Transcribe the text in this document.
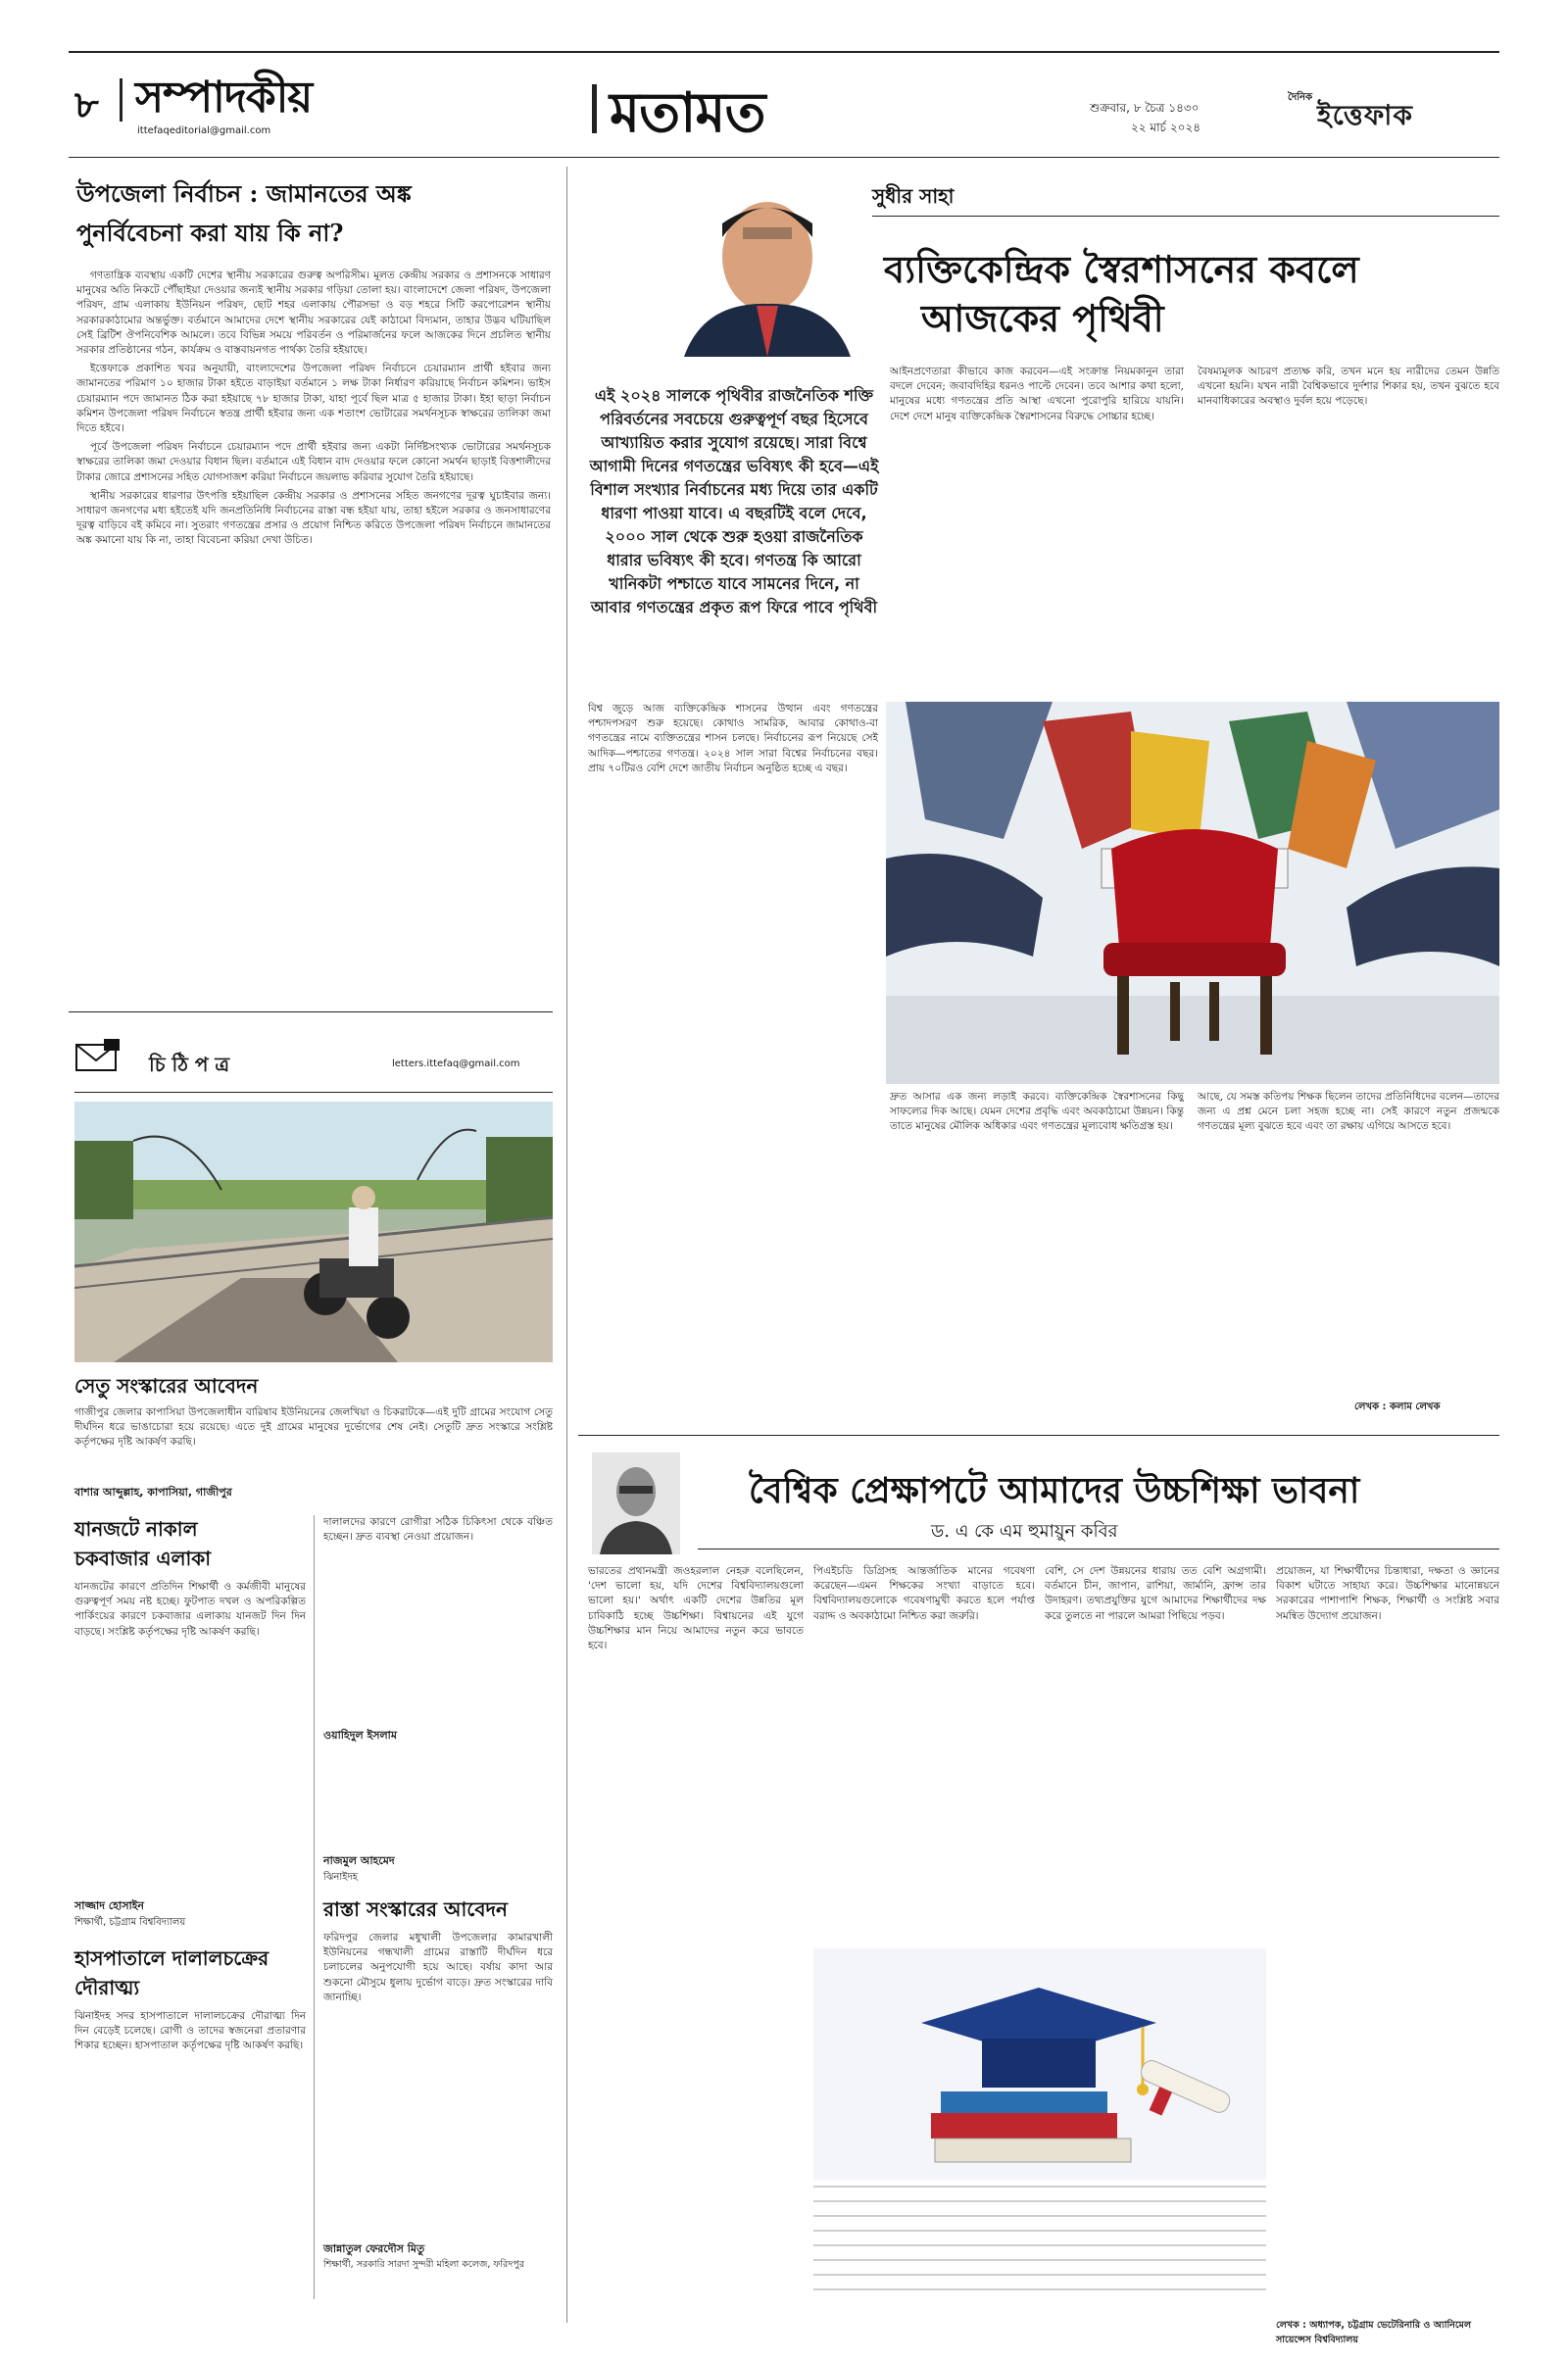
৮ সম্পাদকীয়
ittefaqeditorial@gmail.com	মতামত	শুক্রবার, ৮ চৈত্র ১৪৩০
২২ মার্চ ২০২৪
দৈনিক
ইত্তেফাক
উপজেলা নির্বাচন : জামানতের অঙ্ক
পুনর্বিবেচনা করা যায় কি না?

গণতান্ত্রিক ব্যবস্থায় একটি দেশের স্থানীয় সরকারের গুরুত্ব অপরিসীম। মূলত কেন্দ্রীয় সরকার ও প্রশাসনকে সাধারণ মানুষের অতি নিকটে পৌঁছাইয়া দেওয়ার জন্যই স্থানীয় সরকার গড়িয়া তোলা হয়। বাংলাদেশে জেলা পরিষদ, উপজেলা পরিষদ, গ্রাম এলাকায় ইউনিয়ন পরিষদ, ছোট শহর এলাকায় পৌরসভা ও বড় শহরে সিটি করপোরেশন স্থানীয় সরকারকাঠামোর অন্তর্ভুক্ত। বর্তমানে আমাদের দেশে স্থানীয় সরকারের যেই কাঠামো বিদ্যমান, তাহার উদ্ভব ঘটিয়াছিল সেই ব্রিটিশ ঔপনিবেশিক আমলে। তবে বিভিন্ন সময়ে পরিবর্তন ও পরিমার্জনের ফলে আজকের দিনে প্রচলিত স্থানীয় সরকার প্রতিষ্ঠানের গঠন, কার্যক্রম ও বাস্তবায়নগত পার্থক্য তৈরি হইয়াছে।

ইত্তেফাকে প্রকাশিত খবর অনুযায়ী, বাংলাদেশের উপজেলা পরিষদ নির্বাচনে চেয়ারম্যান প্রার্থী হইবার জন্য জামানতের পরিমাণ ১০ হাজার টাকা হইতে বাড়াইয়া বর্তমানে ১ লক্ষ টাকা নির্ধারণ করিয়াছে নির্বাচন কমিশন। ভাইস চেয়ারম্যান পদে জামানত ঠিক করা হইয়াছে ৭৮ হাজার টাকা, যাহা পূর্বে ছিল মাত্র ৫ হাজার টাকা। ইহা ছাড়া নির্বাচন কমিশন উপজেলা পরিষদ নির্বাচনে স্বতন্ত্র প্রার্থী হইবার জন্য এক শতাংশ ভোটারের সমর্থনসূচক স্বাক্ষরের তালিকা জমা দিতে হইবে।

পূর্বে উপজেলা পরিষদ নির্বাচনে চেয়ারম্যান পদে প্রার্থী হইবার জন্য একটা নির্দিষ্টসংখ্যক ভোটারের সমর্থনসূচক স্বাক্ষরের তালিকা জমা দেওয়ার বিধান ছিল। বর্তমানে এই বিধান বাদ দেওয়ার ফলে কোনো সমর্থন ছাড়াই বিত্তশালীদের টাকার জোরে প্রশাসনের সহিত যোগসাজশ করিয়া নির্বাচনে জয়লাভ করিবার সুযোগ তৈরি হইয়াছে।

স্থানীয় সরকারের ধারণার উৎপত্তি হইয়াছিল কেন্দ্রীয় সরকার ও প্রশাসনের সহিত জনগণের দূরত্ব ঘুচাইবার জন্য। সাধারণ জনগণের মধ্য হইতেই যদি জনপ্রতিনিধি নির্বাচনের রাস্তা বন্ধ হইয়া যায়, তাহা হইলে সরকার ও জনসাধারণের দূরত্ব বাড়িবে বই কমিবে না। সুতরাং গণতন্ত্রের প্রসার ও প্রয়োগ নিশ্চিত করিতে উপজেলা পরিষদ নির্বাচনে জামানতের অঙ্ক কমানো যায় কি না, তাহা বিবেচনা করিয়া দেখা উচিত।

চি ঠি প ত্র	letters.ittefaq@gmail.com
সেতু সংস্কারের আবেদন
গাজীপুর জেলার কাপাসিয়া উপজেলাধীন বারিষাব ইউনিয়নের জেলখিয়া ও চিকরাটকে—এই দুটি গ্রামের সংযোগ সেতু দীর্ঘদিন ধরে ভাঙাচোরা হয়ে রয়েছে। এতে দুই গ্রামের মানুষের দুর্ভোগের শেষ নেই। সেতুটি দ্রুত সংস্কারে সংশ্লিষ্ট কর্তৃপক্ষের দৃষ্টি আকর্ষণ করছি।
বাশার আব্দুল্লাহ, কাপাসিয়া, গাজীপুর
যানজটে নাকাল
চকবাজার এলাকা
যানজটের কারণে প্রতিদিন শিক্ষার্থী ও কর্মজীবী মানুষের গুরুত্বপূর্ণ সময় নষ্ট হচ্ছে। ফুটপাত দখল ও অপরিকল্পিত পার্কিংয়ের কারণে চকবাজার এলাকায় যানজট দিন দিন বাড়ছে। সংশ্লিষ্ট কর্তৃপক্ষের দৃষ্টি আকর্ষণ করছি।
সাজ্জাদ হোসাইন
শিক্ষার্থী, চট্টগ্রাম বিশ্ববিদ্যালয়
হাসপাতালে দালালচক্রের
দৌরাত্ম্য
ঝিনাইদহ সদর হাসপাতালে দালালচক্রের দৌরাত্ম্য দিন দিন বেড়েই চলেছে। রোগী ও তাদের স্বজনেরা প্রতারণার শিকার হচ্ছেন। হাসপাতাল কর্তৃপক্ষের দৃষ্টি আকর্ষণ করছি।
দালালদের কারণে রোগীরা সঠিক চিকিৎসা থেকে বঞ্চিত হচ্ছেন। দ্রুত ব্যবস্থা নেওয়া প্রয়োজন।
ওয়াহিদুল ইসলাম
নাজমুল আহমেদ
ঝিনাইদহ
রাস্তা সংস্কারের আবেদন
ফরিদপুর জেলার মধুখালী উপজেলার কামারখালী ইউনিয়নের গন্ধখালী গ্রামের রাস্তাটি দীর্ঘদিন ধরে চলাচলের অনুপযোগী হয়ে আছে। বর্ষায় কাদা আর শুকনো মৌসুমে ধুলায় দুর্ভোগ বাড়ে। দ্রুত সংস্কারের দাবি জানাচ্ছি।
জান্নাতুল ফেরদৌস মিতু
শিক্ষার্থী, সরকারি সারদা সুন্দরী মহিলা কলেজ, ফরিদপুর
সুধীর সাহা
ব্যক্তিকেন্দ্রিক স্বৈরশাসনের কবলে
আজকের পৃথিবী
এই ২০২৪ সালকে পৃথিবীর রাজনৈতিক শক্তি পরিবর্তনের সবচেয়ে গুরুত্বপূর্ণ বছর হিসেবে আখ্যায়িত করার সুযোগ রয়েছে। সারা বিশ্বে আগামী দিনের গণতন্ত্রের ভবিষ্যৎ কী হবে—এই বিশাল সংখ্যার নির্বাচনের মধ্য দিয়ে তার একটি ধারণা পাওয়া যাবে। এ বছরটিই বলে দেবে, ২০০০ সাল থেকে শুরু হওয়া রাজনৈতিক ধারার ভবিষ্যৎ কী হবে। গণতন্ত্র কি আরো খানিকটা পশ্চাতে যাবে সামনের দিনে, না আবার গণতন্ত্রের প্রকৃত রূপ ফিরে পাবে পৃথিবী
আইনপ্রণেতারা কীভাবে কাজ করবেন—এই সংক্রান্ত নিয়মকানুন তারা বদলে দেবেন; জবাবদিহির ধরনও পাল্টে দেবেন। তবে আশার কথা হলো, মানুষের মধ্যে গণতন্ত্রের প্রতি আস্থা এখনো পুরোপুরি হারিয়ে যায়নি। দেশে দেশে মানুষ ব্যক্তিকেন্দ্রিক স্বৈরশাসনের বিরুদ্ধে সোচ্চার হচ্ছে।
বৈষম্যমূলক আচরণ প্রত্যক্ষ করি, তখন মনে হয় নারীদের তেমন উন্নতি এখনো হয়নি। যখন নারী বৈশ্বিকভাবে দুর্দশার শিকার হয়, তখন বুঝতে হবে মানবাধিকারের অবস্থাও দুর্বল হয়ে পড়েছে।
বিশ্ব জুড়ে আজ ব্যক্তিকেন্দ্রিক শাসনের উত্থান এবং গণতন্ত্রের পশ্চাদপসরণ শুরু হয়েছে। কোথাও সামরিক, আবার কোথাও-বা গণতন্ত্রের নামে ব্যক্তিতন্ত্রের শাসন চলছে। নির্বাচনের রূপ নিয়েছে সেই আদিক—পশ্চাতের গণতন্ত্র। ২০২৪ সাল সারা বিশ্বের নির্বাচনের বছর। প্রায় ৭০টিরও বেশি দেশে জাতীয় নির্বাচন অনুষ্ঠিত হচ্ছে এ বছর।
দ্রুত আসার এক জন্য লড়াই করবে। ব্যক্তিকেন্দ্রিক স্বৈরশাসনের কিছু সাফল্যের দিক আছে। যেমন দেশের প্রবৃদ্ধি এবং অবকাঠামো উন্নয়ন। কিন্তু তাতে মানুষের মৌলিক অধিকার এবং গণতন্ত্রের মূল্যবোধ ক্ষতিগ্রস্ত হয়।
আছে, যে সমস্ত কতিপয় শিক্ষক ছিলেন তাদের প্রতিনিধিদের বলেন—তাদের জন্য এ প্রশ্ন মেনে চলা সহজ হচ্ছে না। সেই কারণে নতুন প্রজন্মকে গণতন্ত্রের মূল্য বুঝতে হবে এবং তা রক্ষায় এগিয়ে আসতে হবে।
লেখক : কলাম লেখক
বৈশ্বিক প্রেক্ষাপটে আমাদের উচ্চশিক্ষা ভাবনা
ড. এ কে এম হুমায়ুন কবির
ভারতের প্রথানমন্ত্রী জওহরলাল নেহরু বলেছিলেন, 'দেশ ভালো হয়, যদি দেশের বিশ্ববিদ্যালয়গুলো ভালো হয়।' অর্থাৎ একটি দেশের উন্নতির মূল চাবিকাঠি হচ্ছে উচ্চশিক্ষা। বিশ্বায়নের এই যুগে উচ্চশিক্ষার মান নিয়ে আমাদের নতুন করে ভাবতে হবে।
পিএইচডি ডিগ্রিসহ আন্তর্জাতিক মানের গবেষণা করেছেন—এমন শিক্ষকের সংখ্যা বাড়াতে হবে। বিশ্ববিদ্যালয়গুলোকে গবেষণামুখী করতে হলে পর্যাপ্ত বরাদ্দ ও অবকাঠামো নিশ্চিত করা জরুরি।
বেশি, সে দেশ উন্নয়নের ধারায় তত বেশি অগ্রগামী। বর্তমানে চীন, জাপান, রাশিয়া, জার্মানি, ফ্রান্স তার উদাহরণ। তথ্যপ্রযুক্তির যুগে আমাদের শিক্ষার্থীদের দক্ষ করে তুলতে না পারলে আমরা পিছিয়ে পড়ব।
প্রয়োজন, যা শিক্ষার্থীদের চিন্তাধারা, দক্ষতা ও জ্ঞানের বিকাশ ঘটাতে সাহায্য করে। উচ্চশিক্ষার মানোন্নয়নে সরকারের পাশাপাশি শিক্ষক, শিক্ষার্থী ও সংশ্লিষ্ট সবার সমন্বিত উদ্যোগ প্রয়োজন।
লেখক : অধ্যাপক, চট্টগ্রাম ভেটেরিনারি ও অ্যানিমেল সায়েন্সেস বিশ্ববিদ্যালয়
